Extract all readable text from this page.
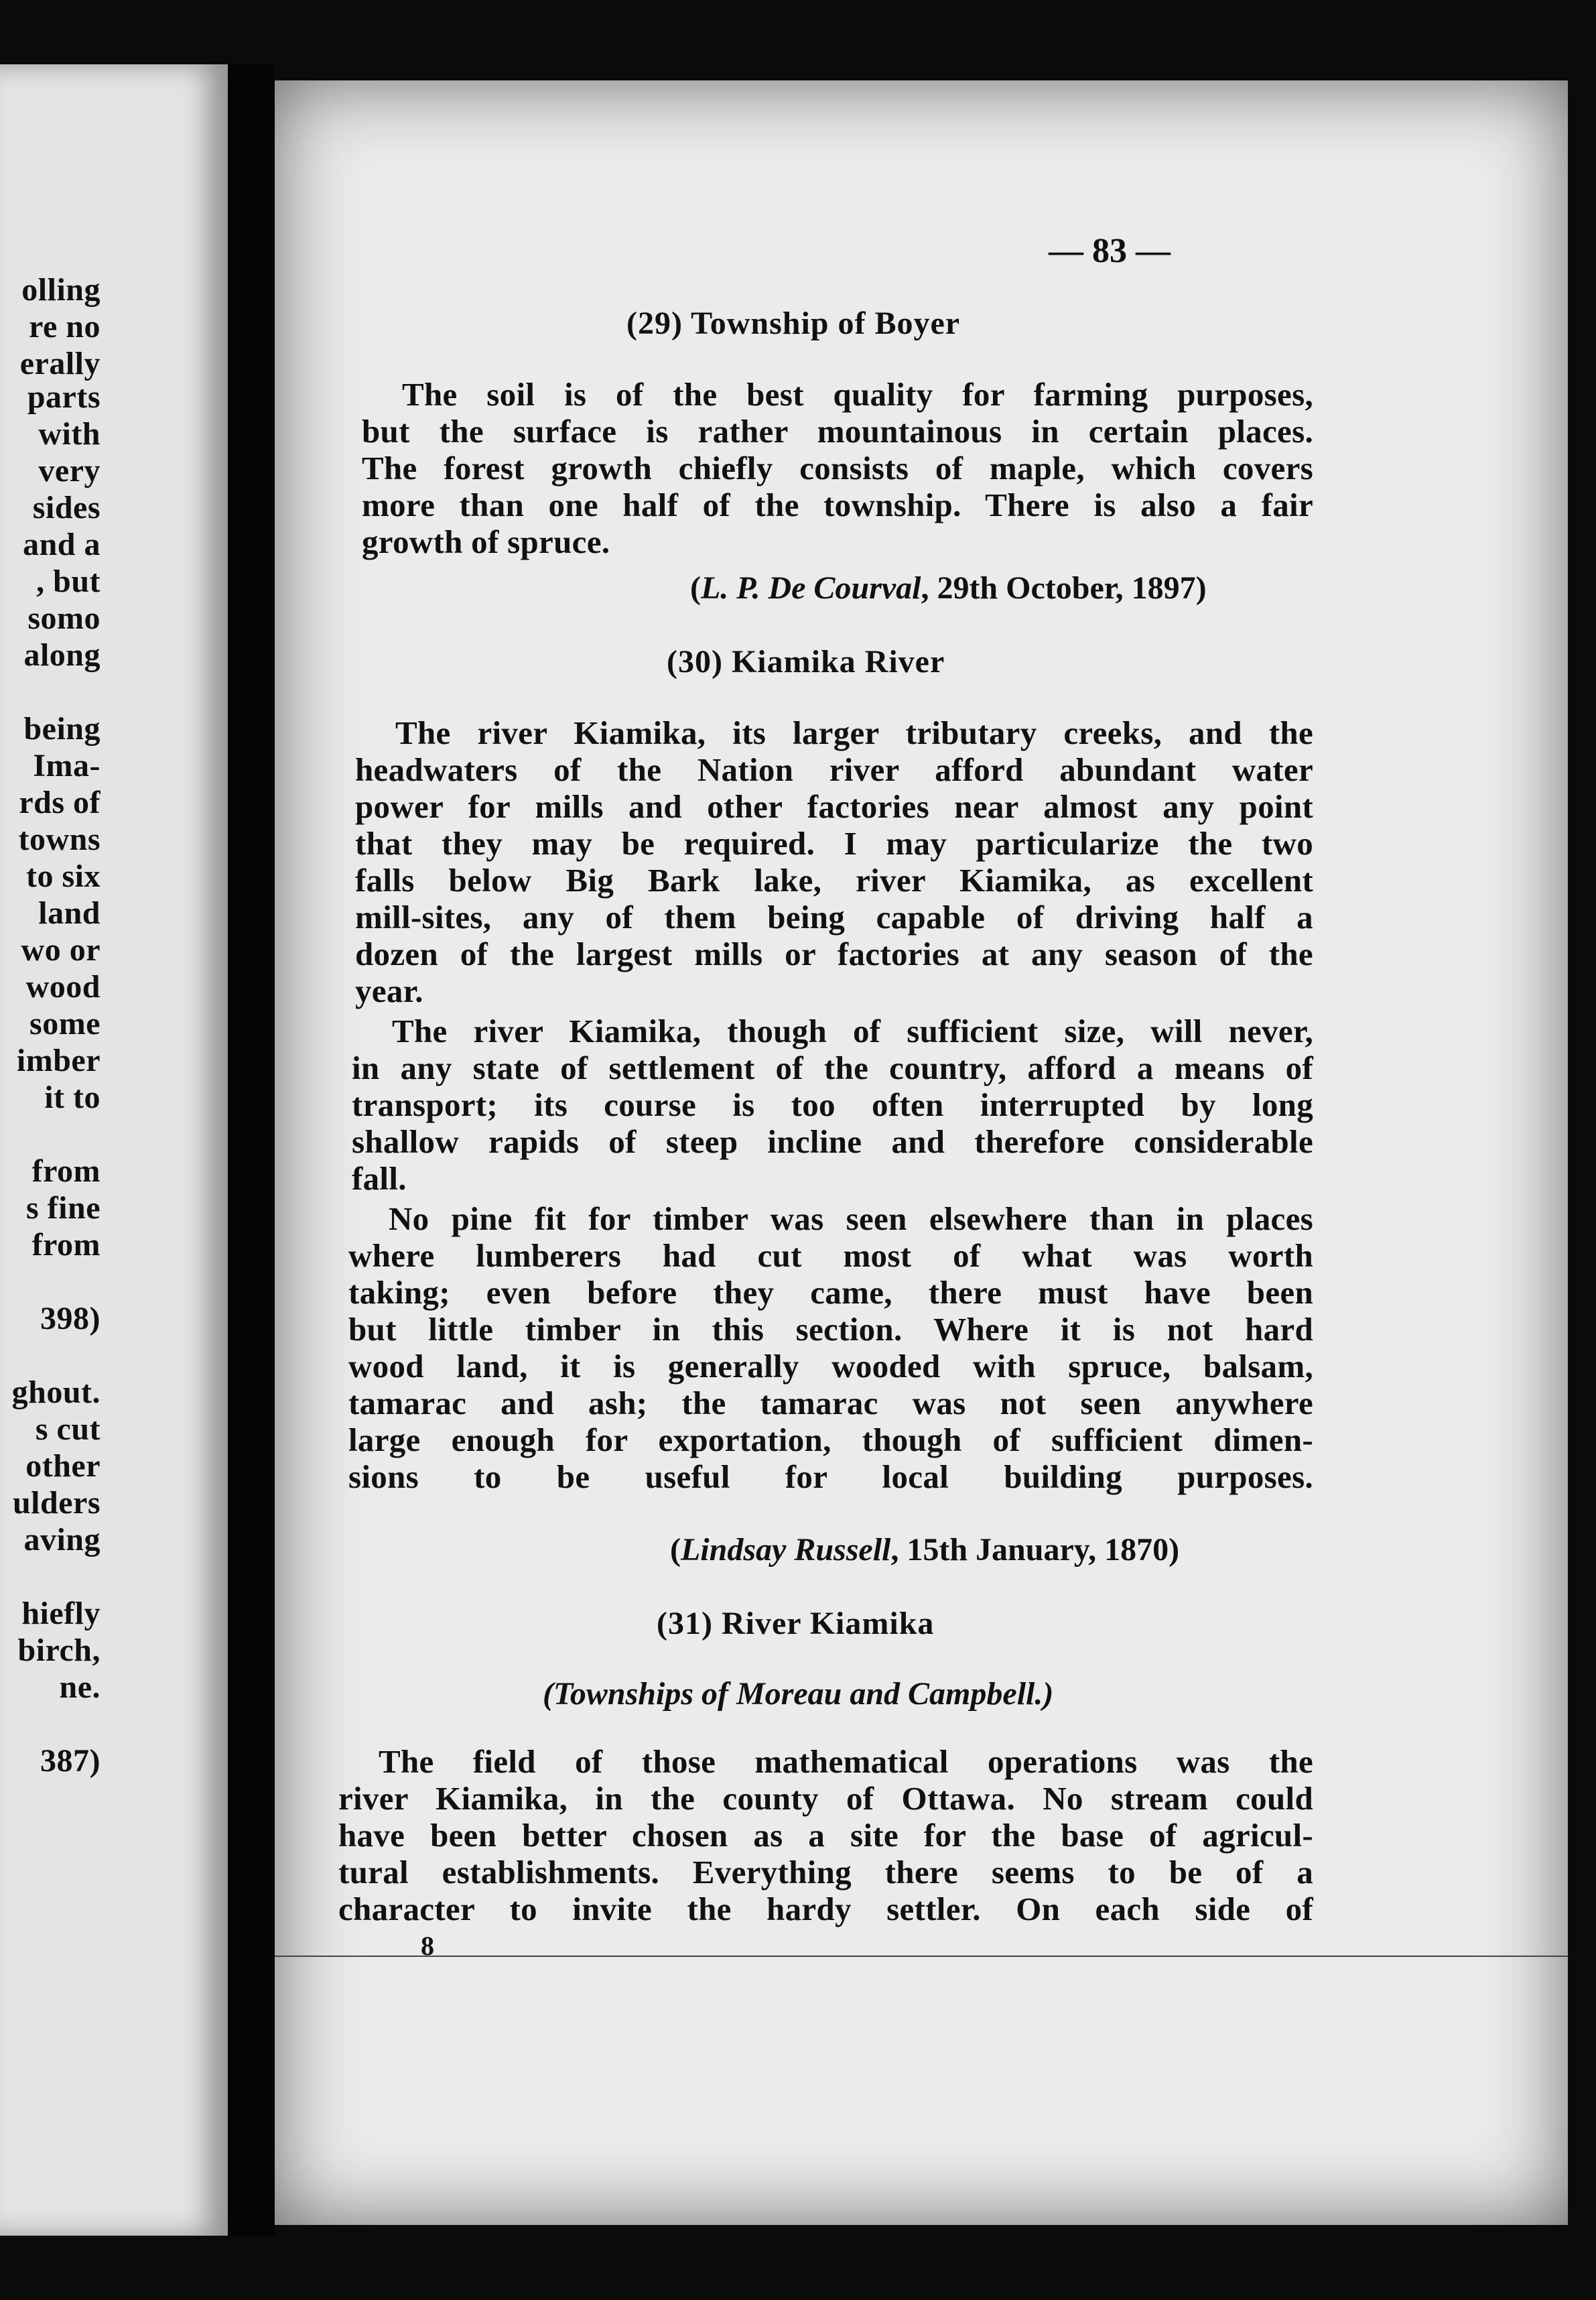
olling
re no
erally
parts
with
very
sides
and a
, but
somo
along
being
Ima-
rds of
towns
to six
land
wo or
wood
some
imber
it to
from
s fine
from
398)
ghout.
s cut
other
ulders
aving
hiefly
birch,
ne.
387)
— 83 —
(29) Township of Boyer
The soil is of the best quality for farming purposes,
but the surface is rather mountainous in certain places.
The forest growth chiefly consists of maple, which covers
more than one half of the township. There is also a fair
growth of spruce.
(L. P. De Courval, 29th October, 1897)
(30) Kiamika River
The river Kiamika, its larger tributary creeks, and the
headwaters of the Nation river afford abundant water
power for mills and other factories near almost any point
that they may be required. I may particularize the two
falls below Big Bark lake, river Kiamika, as excellent
mill-sites, any of them being capable of driving half a
dozen of the largest mills or factories at any season of the
year.
The river Kiamika, though of sufficient size, will never,
in any state of settlement of the country, afford a means of
transport; its course is too often interrupted by long
shallow rapids of steep incline and therefore considerable
fall.
No pine fit for timber was seen elsewhere than in places
where lumberers had cut most of what was worth
taking; even before they came, there must have been
but little timber in this section. Where it is not hard
wood land, it is generally wooded with spruce, balsam,
tamarac and ash; the tamarac was not seen anywhere
large enough for exportation, though of sufficient dimen-
sions to be useful for local building purposes.
(Lindsay Russell, 15th January, 1870)
(31) River Kiamika
(Townships of Moreau and Campbell.)
The field of those mathematical operations was the
river Kiamika, in the county of Ottawa. No stream could
have been better chosen as a site for the base of agricul-
tural establishments. Everything there seems to be of a
character to invite the hardy settler. On each side of
8
